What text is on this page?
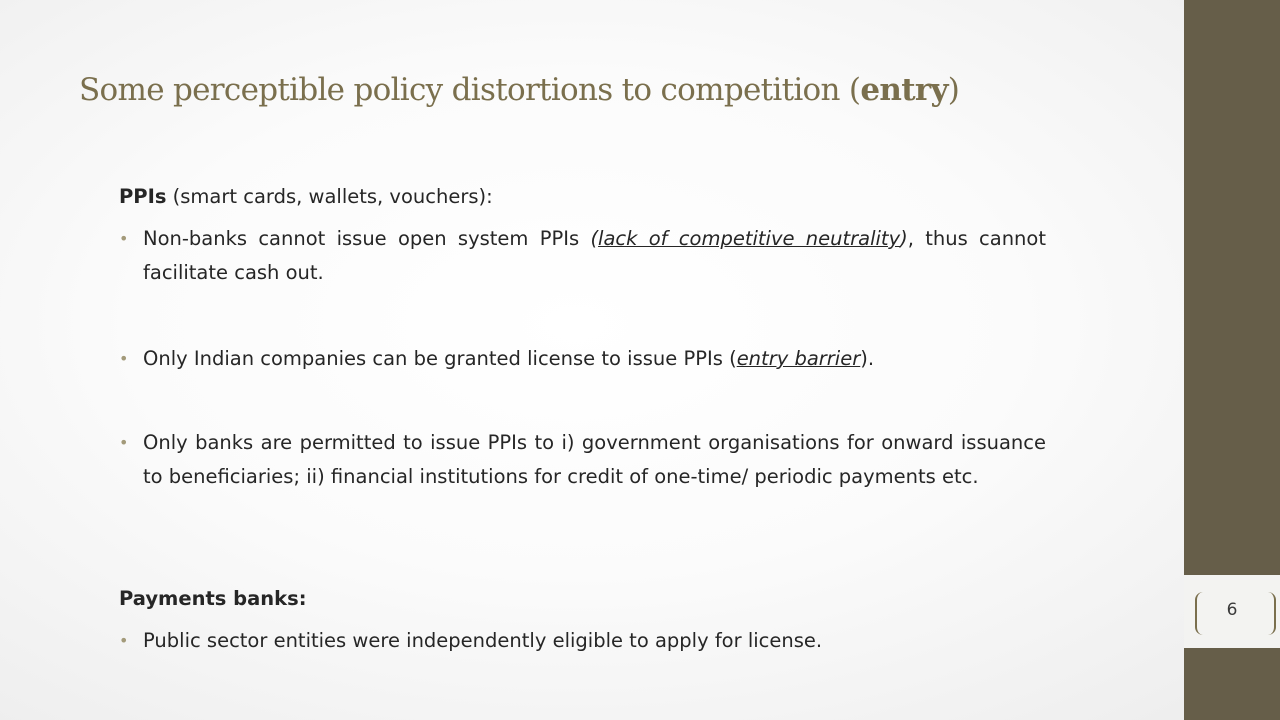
Some perceptible policy distortions to competition (entry)

PPIs (smart cards, wallets, vouchers):

• Non-banks cannot issue open system PPIs (lack of competitive neutrality), thus cannot facilitate cash out.
• Only Indian companies can be granted license to issue PPIs (entry barrier).
• Only banks are permitted to issue PPIs to i) government organisations for onward issuance to beneficiaries; ii) financial institutions for credit of one-time/ periodic payments etc.

Payments banks:

• Public sector entities were independently eligible to apply for license.
6
